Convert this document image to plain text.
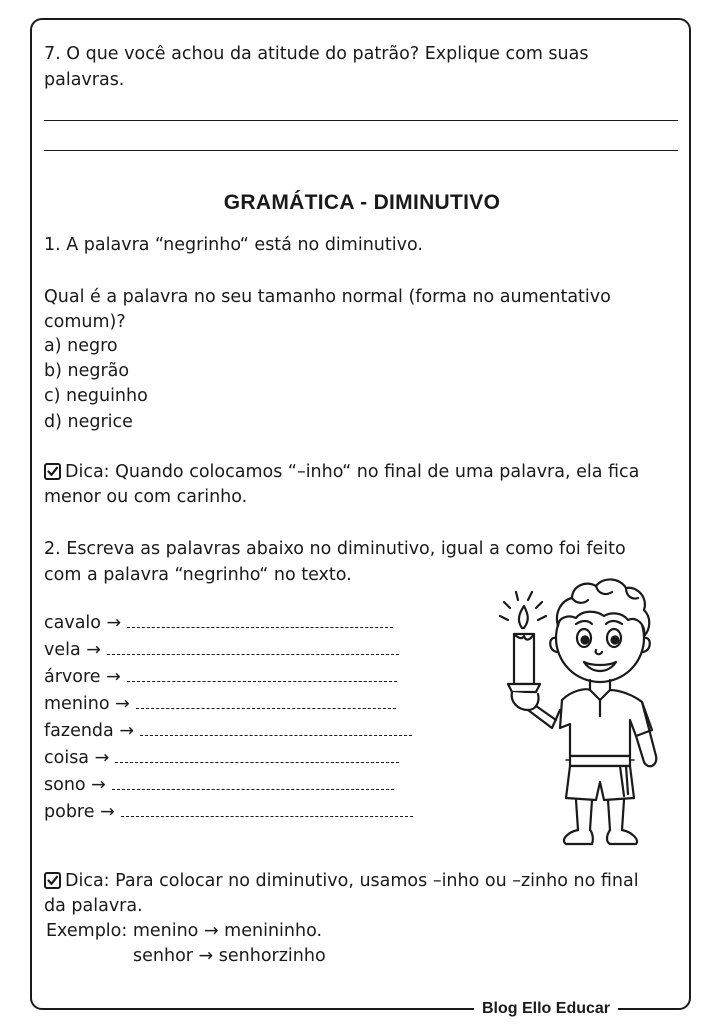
7. O que você achou da atitude do patrão? Explique com suas
palavras.
GRAMÁTICA - DIMINUTIVO
1. A palavra “negrinho“ está no diminutivo.
Qual é a palavra no seu tamanho normal (forma no aumentativo
comum)?
a) negro
b) negrão
c) neguinho
d) negrice
Dica: Quando colocamos “–inho“ no final de uma palavra, ela fica
menor ou com carinho.
2. Escreva as palavras abaixo no diminutivo, igual a como foi feito
com a palavra “negrinho“ no texto.
cavalo →
vela →
árvore →
menino →
fazenda →
coisa →
sono →
pobre →
Dica: Para colocar no diminutivo, usamos –inho ou –zinho no final
da palavra.
Exemplo: menino → menininho.
senhor → senhorzinho
Blog Ello Educar
